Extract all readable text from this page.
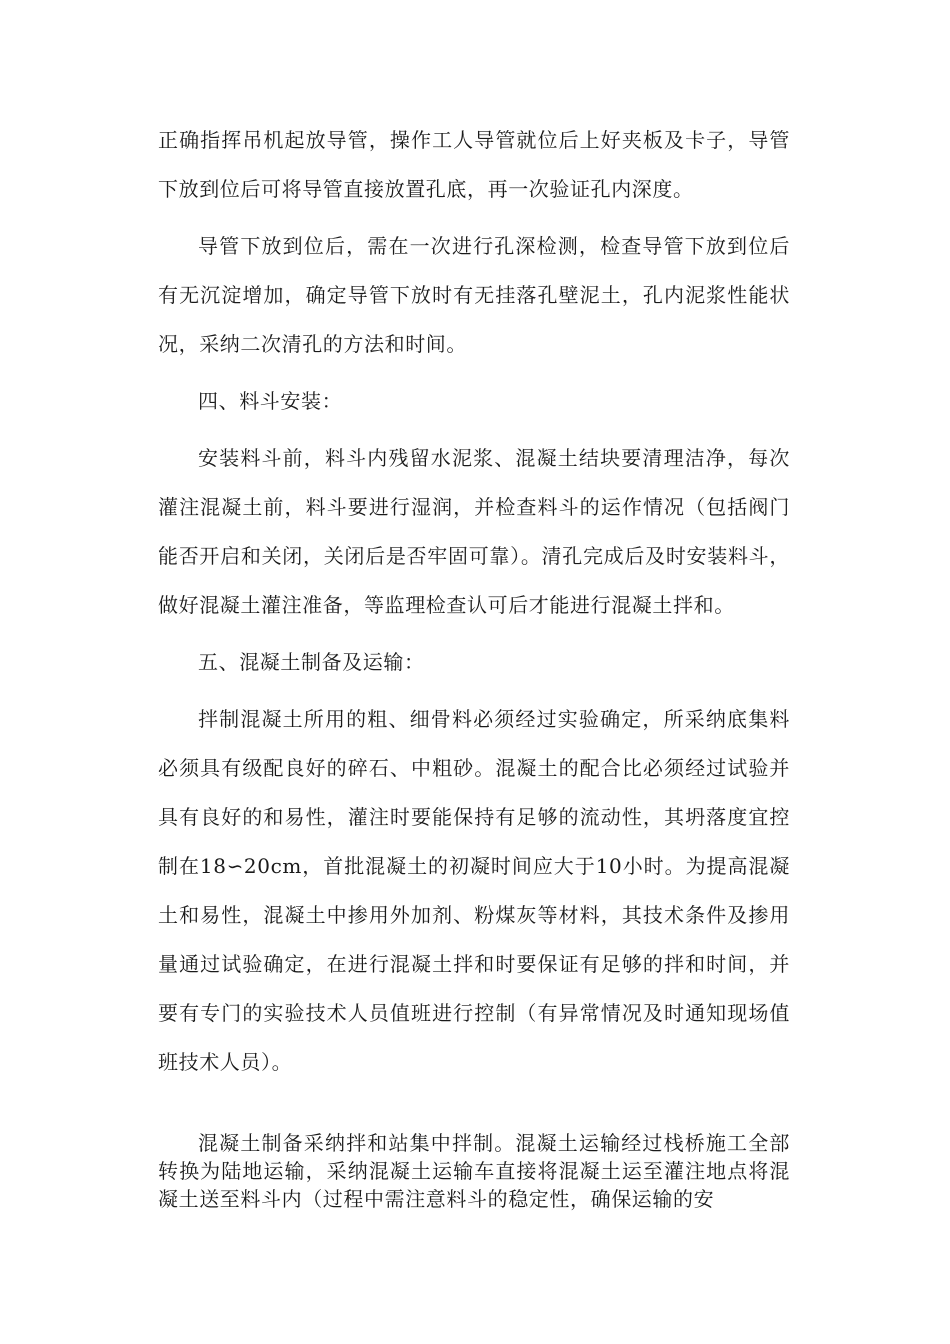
正确指挥吊机起放导管，操作工人导管就位后上好夹板及卡子，导管下放到位后可将导管直接放置孔底，再一次验证孔内深度。

导管下放到位后，需在一次进行孔深检测，检查导管下放到位后有无沉淀增加，确定导管下放时有无挂落孔壁泥土，孔内泥浆性能状况，采纳二次清孔的方法和时间。

四、料斗安装：

安装料斗前，料斗内残留水泥浆、混凝土结块要清理洁净，每次灌注混凝土前，料斗要进行湿润，并检查料斗的运作情况（包括阀门能否开启和关闭，关闭后是否牢固可靠）。清孔完成后及时安装料斗，做好混凝土灌注准备，等监理检查认可后才能进行混凝土拌和。

五、混凝土制备及运输：

拌制混凝土所用的粗、细骨料必须经过实验确定，所采纳底集料必须具有级配良好的碎石、中粗砂。混凝土的配合比必须经过试验并具有良好的和易性，灌注时要能保持有足够的流动性，其坍落度宜控制在18∽20cm，首批混凝土的初凝时间应大于10小时。为提高混凝土和易性，混凝土中掺用外加剂、粉煤灰等材料，其技术条件及掺用量通过试验确定，在进行混凝土拌和时要保证有足够的拌和时间，并要有专门的实验技术人员值班进行控制（有异常情况及时通知现场值班技术人员）。

混凝土制备采纳拌和站集中拌制。混凝土运输经过栈桥施工全部转换为陆地运输，采纳混凝土运输车直接将混凝土运至灌注地点将混凝土送至料斗内（过程中需注意料斗的稳定性，确保运输的安
